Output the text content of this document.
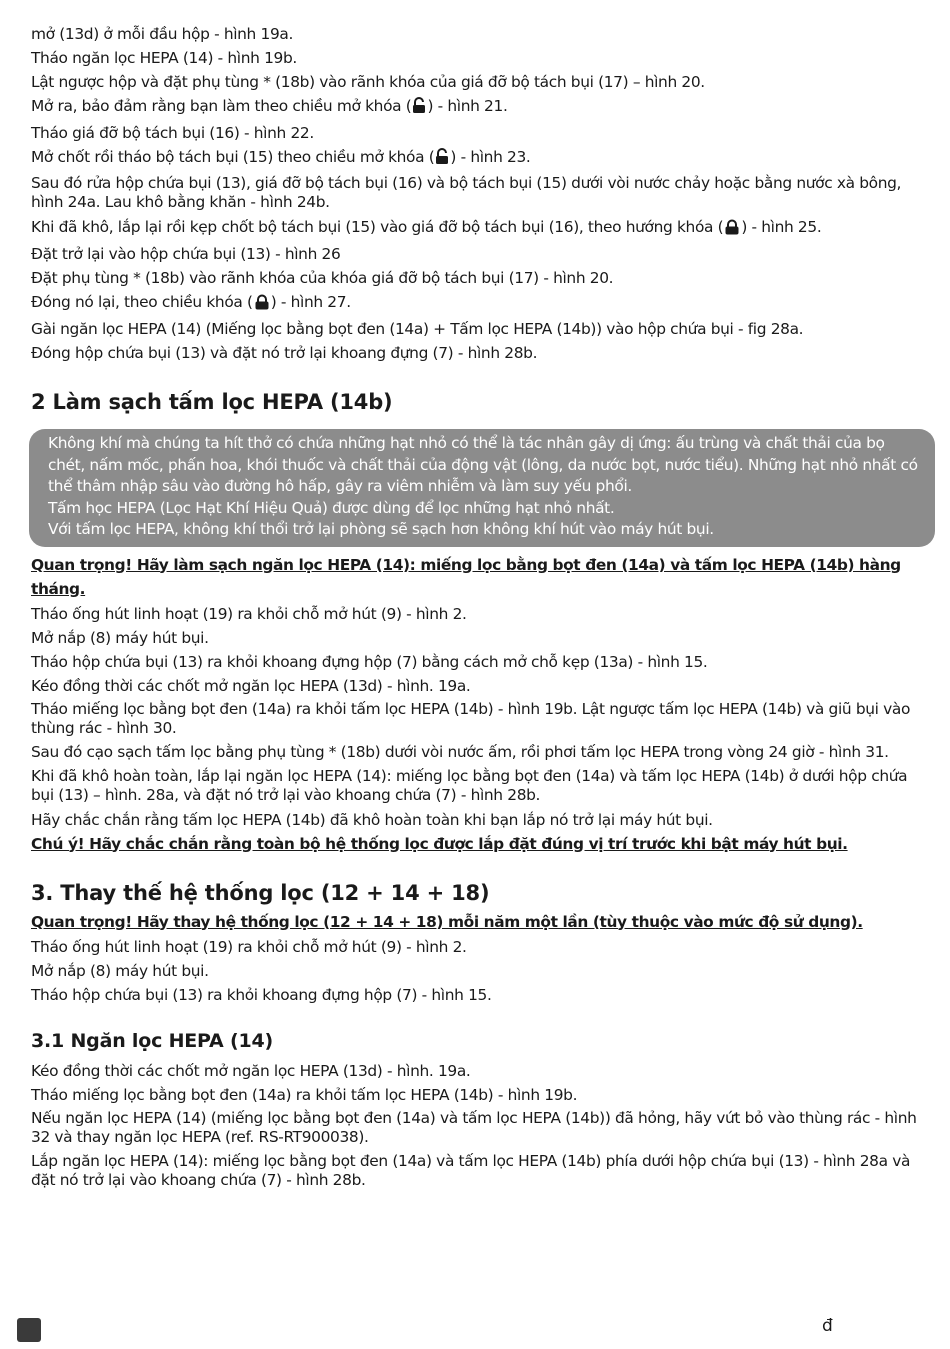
mở (13d) ở mỗi đầu hộp - hình 19a.

Tháo ngăn lọc HEPA (14) - hình 19b.

Lật ngược hộp và đặt phụ tùng * (18b) vào rãnh khóa của giá đỡ bộ tách bụi (17) – hình 20.

Mở ra, bảo đảm rằng bạn làm theo chiều mở khóa ( ) - hình 21.

Tháo giá đỡ bộ tách bụi (16) - hình 22.

Mở chốt rồi tháo bộ tách bụi (15) theo chiều mở khóa ( ) - hình 23.

Sau đó rửa hộp chứa bụi (13), giá đỡ bộ tách bụi (16) và bộ tách bụi (15) dưới vòi nước chảy hoặc bằng nước xà bông, hình 24a. Lau khô bằng khăn - hình 24b.

Khi đã khô, lắp lại rồi kẹp chốt bộ tách bụi (15) vào giá đỡ bộ tách bụi (16), theo hướng khóa ( ) - hình 25.

Đặt trở lại vào hộp chứa bụi (13) - hình 26

Đặt phụ tùng * (18b) vào rãnh khóa của khóa giá đỡ bộ tách bụi (17) - hình 20.

Đóng nó lại, theo chiều khóa ( ) - hình 27.

Gài ngăn lọc HEPA (14) (Miếng lọc bằng bọt đen (14a) + Tấm lọc HEPA (14b)) vào hộp chứa bụi - fig 28a.

Đóng hộp chứa bụi (13) và đặt nó trở lại khoang đựng (7) - hình 28b.

2 Làm sạch tấm lọc HEPA (14b)
Không khí mà chúng ta hít thở có chứa những hạt nhỏ có thể là tác nhân gây dị ứng: ấu trùng và chất thải của bọ chét, nấm mốc, phấn hoa, khói thuốc và chất thải của động vật (lông, da nước bọt, nước tiểu). Những hạt nhỏ nhất có thể thâm nhập sâu vào đường hô hấp, gây ra viêm nhiễm và làm suy yếu phổi.
Tấm học HEPA (Lọc Hạt Khí Hiệu Quả) được dùng để lọc những hạt nhỏ nhất.
Với tấm lọc HEPA, không khí thổi trở lại phòng sẽ sạch hơn không khí hút vào máy hút bụi.
Quan trọng! Hãy làm sạch ngăn lọc HEPA (14): miếng lọc bằng bọt đen (14a) và tấm lọc HEPA (14b) hàng tháng.

Tháo ống hút linh hoạt (19) ra khỏi chỗ mở hút (9) - hình 2.

Mở nắp (8) máy hút bụi.

Tháo hộp chứa bụi (13) ra khỏi khoang đựng hộp (7) bằng cách mở chỗ kẹp (13a) - hình 15.

Kéo đồng thời các chốt mở ngăn lọc HEPA (13d) - hình. 19a.

Tháo miếng lọc bằng bọt đen (14a) ra khỏi tấm lọc HEPA (14b) - hình 19b. Lật ngược tấm lọc HEPA (14b) và giũ bụi vào thùng rác - hình 30.

Sau đó cạo sạch tấm lọc bằng phụ tùng * (18b) dưới vòi nước ấm, rồi phơi tấm lọc HEPA trong vòng 24 giờ - hình 31.

Khi đã khô hoàn toàn, lắp lại ngăn lọc HEPA (14): miếng lọc bằng bọt đen (14a) và tấm lọc HEPA (14b) ở dưới hộp chứa bụi (13) – hình. 28a, và đặt nó trở lại vào khoang chứa (7) - hình 28b.

Hãy chắc chắn rằng tấm lọc HEPA (14b) đã khô hoàn toàn khi bạn lắp nó trở lại máy hút bụi.

Chú ý! Hãy chắc chắn rằng toàn bộ hệ thống lọc được lắp đặt đúng vị trí trước khi bật máy hút bụi.
3. Thay thế hệ thống lọc (12 + 14 + 18)
Quan trọng! Hãy thay hệ thống lọc (12 + 14 + 18) mỗi năm một lần (tùy thuộc vào mức độ sử dụng).

Tháo ống hút linh hoạt (19) ra khỏi chỗ mở hút (9) - hình 2.

Mở nắp (8) máy hút bụi.

Tháo hộp chứa bụi (13) ra khỏi khoang đựng hộp (7) - hình 15.

3.1 Ngăn lọc HEPA (14)

Kéo đồng thời các chốt mở ngăn lọc HEPA (13d) - hình. 19a.

Tháo miếng lọc bằng bọt đen (14a) ra khỏi tấm lọc HEPA (14b) - hình 19b.

Nếu ngăn lọc HEPA (14) (miếng lọc bằng bọt đen (14a) và tấm lọc HEPA (14b)) đã hỏng, hãy vứt bỏ vào thùng rác - hình 32 và thay ngăn lọc HEPA (ref. RS-RT900038).

Lắp ngăn lọc HEPA (14): miếng lọc bằng bọt đen (14a) và tấm lọc HEPA (14b) phía dưới hộp chứa bụi (13) - hình 28a và đặt nó trở lại vào khoang chứa (7) - hình 28b.

đ
